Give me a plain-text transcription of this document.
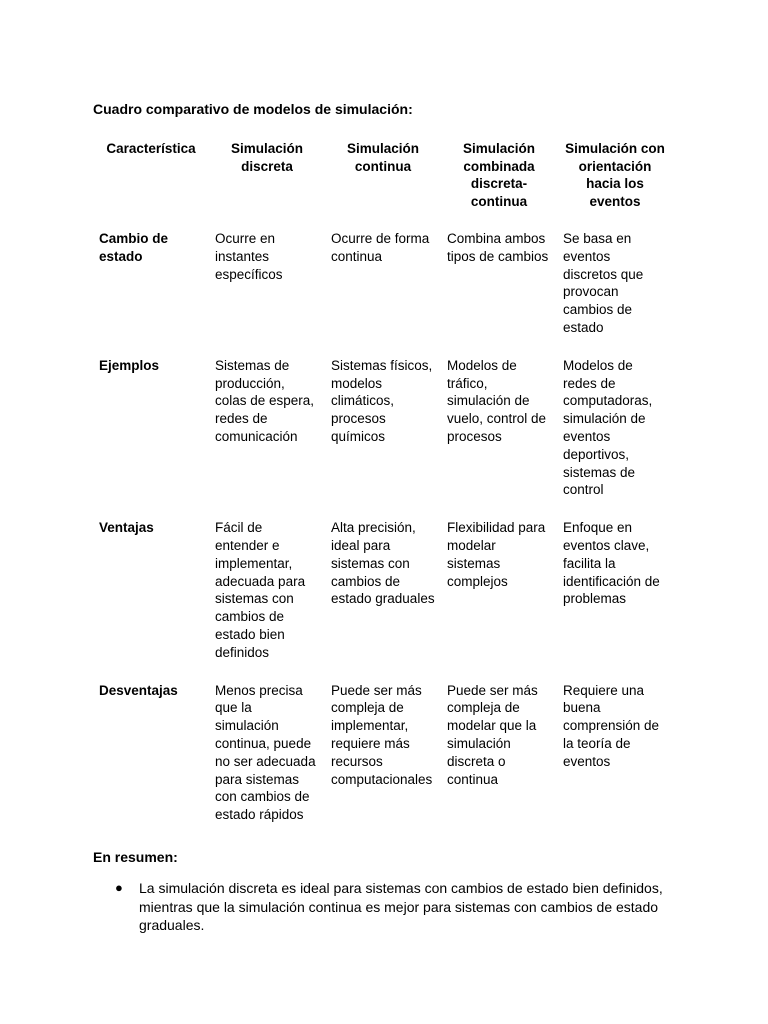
Cuadro comparativo de modelos de simulación:
Característica	Simulación discreta	Simulación continua	Simulación combinada discreta-continua	Simulación con orientación hacia los eventos
Cambio de estado	Ocurre en instantes específicos	Ocurre de forma continua	Combina ambos tipos de cambios	Se basa en eventos discretos que provocan cambios de estado
Ejemplos	Sistemas de producción, colas de espera, redes de comunicación	Sistemas físicos, modelos climáticos, procesos químicos	Modelos de tráfico, simulación de vuelo, control de procesos	Modelos de redes de computadoras, simulación de eventos deportivos, sistemas de control
Ventajas	Fácil de entender e implementar, adecuada para sistemas con cambios de estado bien definidos	Alta precisión, ideal para sistemas con cambios de estado graduales	Flexibilidad para modelar sistemas complejos	Enfoque en eventos clave, facilita la identificación de problemas
Desventajas	Menos precisa que la simulación continua, puede no ser adecuada para sistemas con cambios de estado rápidos	Puede ser más compleja de implementar, requiere más recursos computacionales	Puede ser más compleja de modelar que la simulación discreta o continua	Requiere una buena comprensión de la teoría de eventos
En resumen:
● La simulación discreta es ideal para sistemas con cambios de estado bien definidos, mientras que la simulación continua es mejor para sistemas con cambios de estado graduales.
